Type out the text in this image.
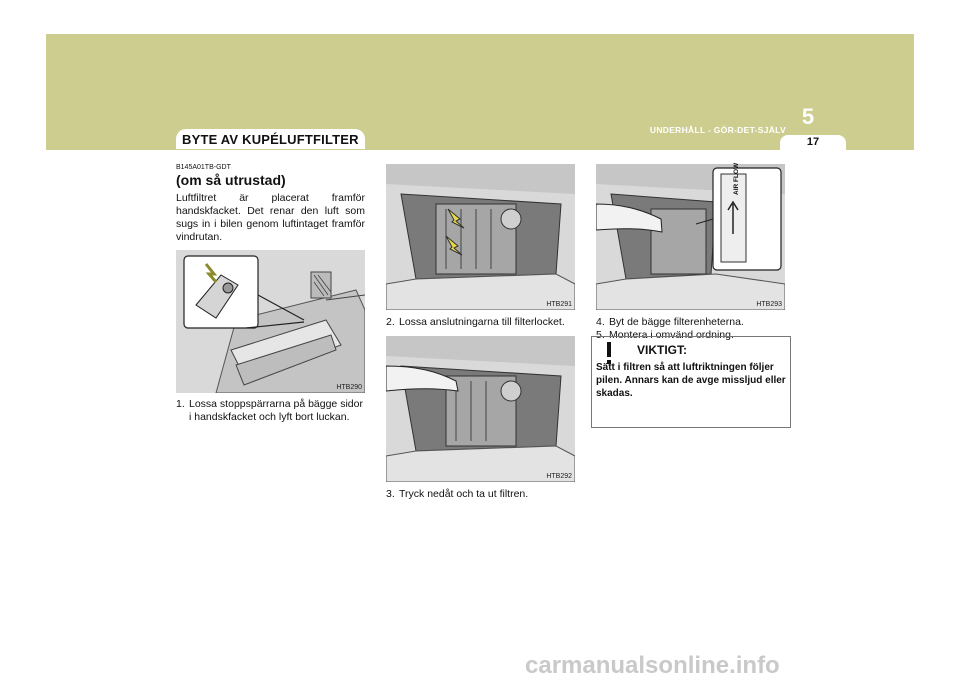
BYTE AV KUPÉLUFTFILTER
5
UNDERHÅLL - GÖR-DET-SJÄLV
17
B145A01TB-GDT
(om så utrustad)
Luftfiltret är placerat framför handskfacket. Det renar den luft som sugs in i bilen genom luftintaget framför vindrutan.
HTB290
1. Lossa stoppspärrarna på bägge sidor
i handskfacket och lyft bort luckan.
HTB291
2. Lossa anslutningarna till filterlocket.
HTB292
3. Tryck nedåt och ta ut filtren.
HTB293
AIR FLOW
4. Byt de bägge filterenheterna.
5. Montera i omvänd ordning.
VIKTIGT:
Sätt i filtren så att luftriktningen följer pilen. Annars kan de avge missljud eller skadas.
carmanualsonline.info
